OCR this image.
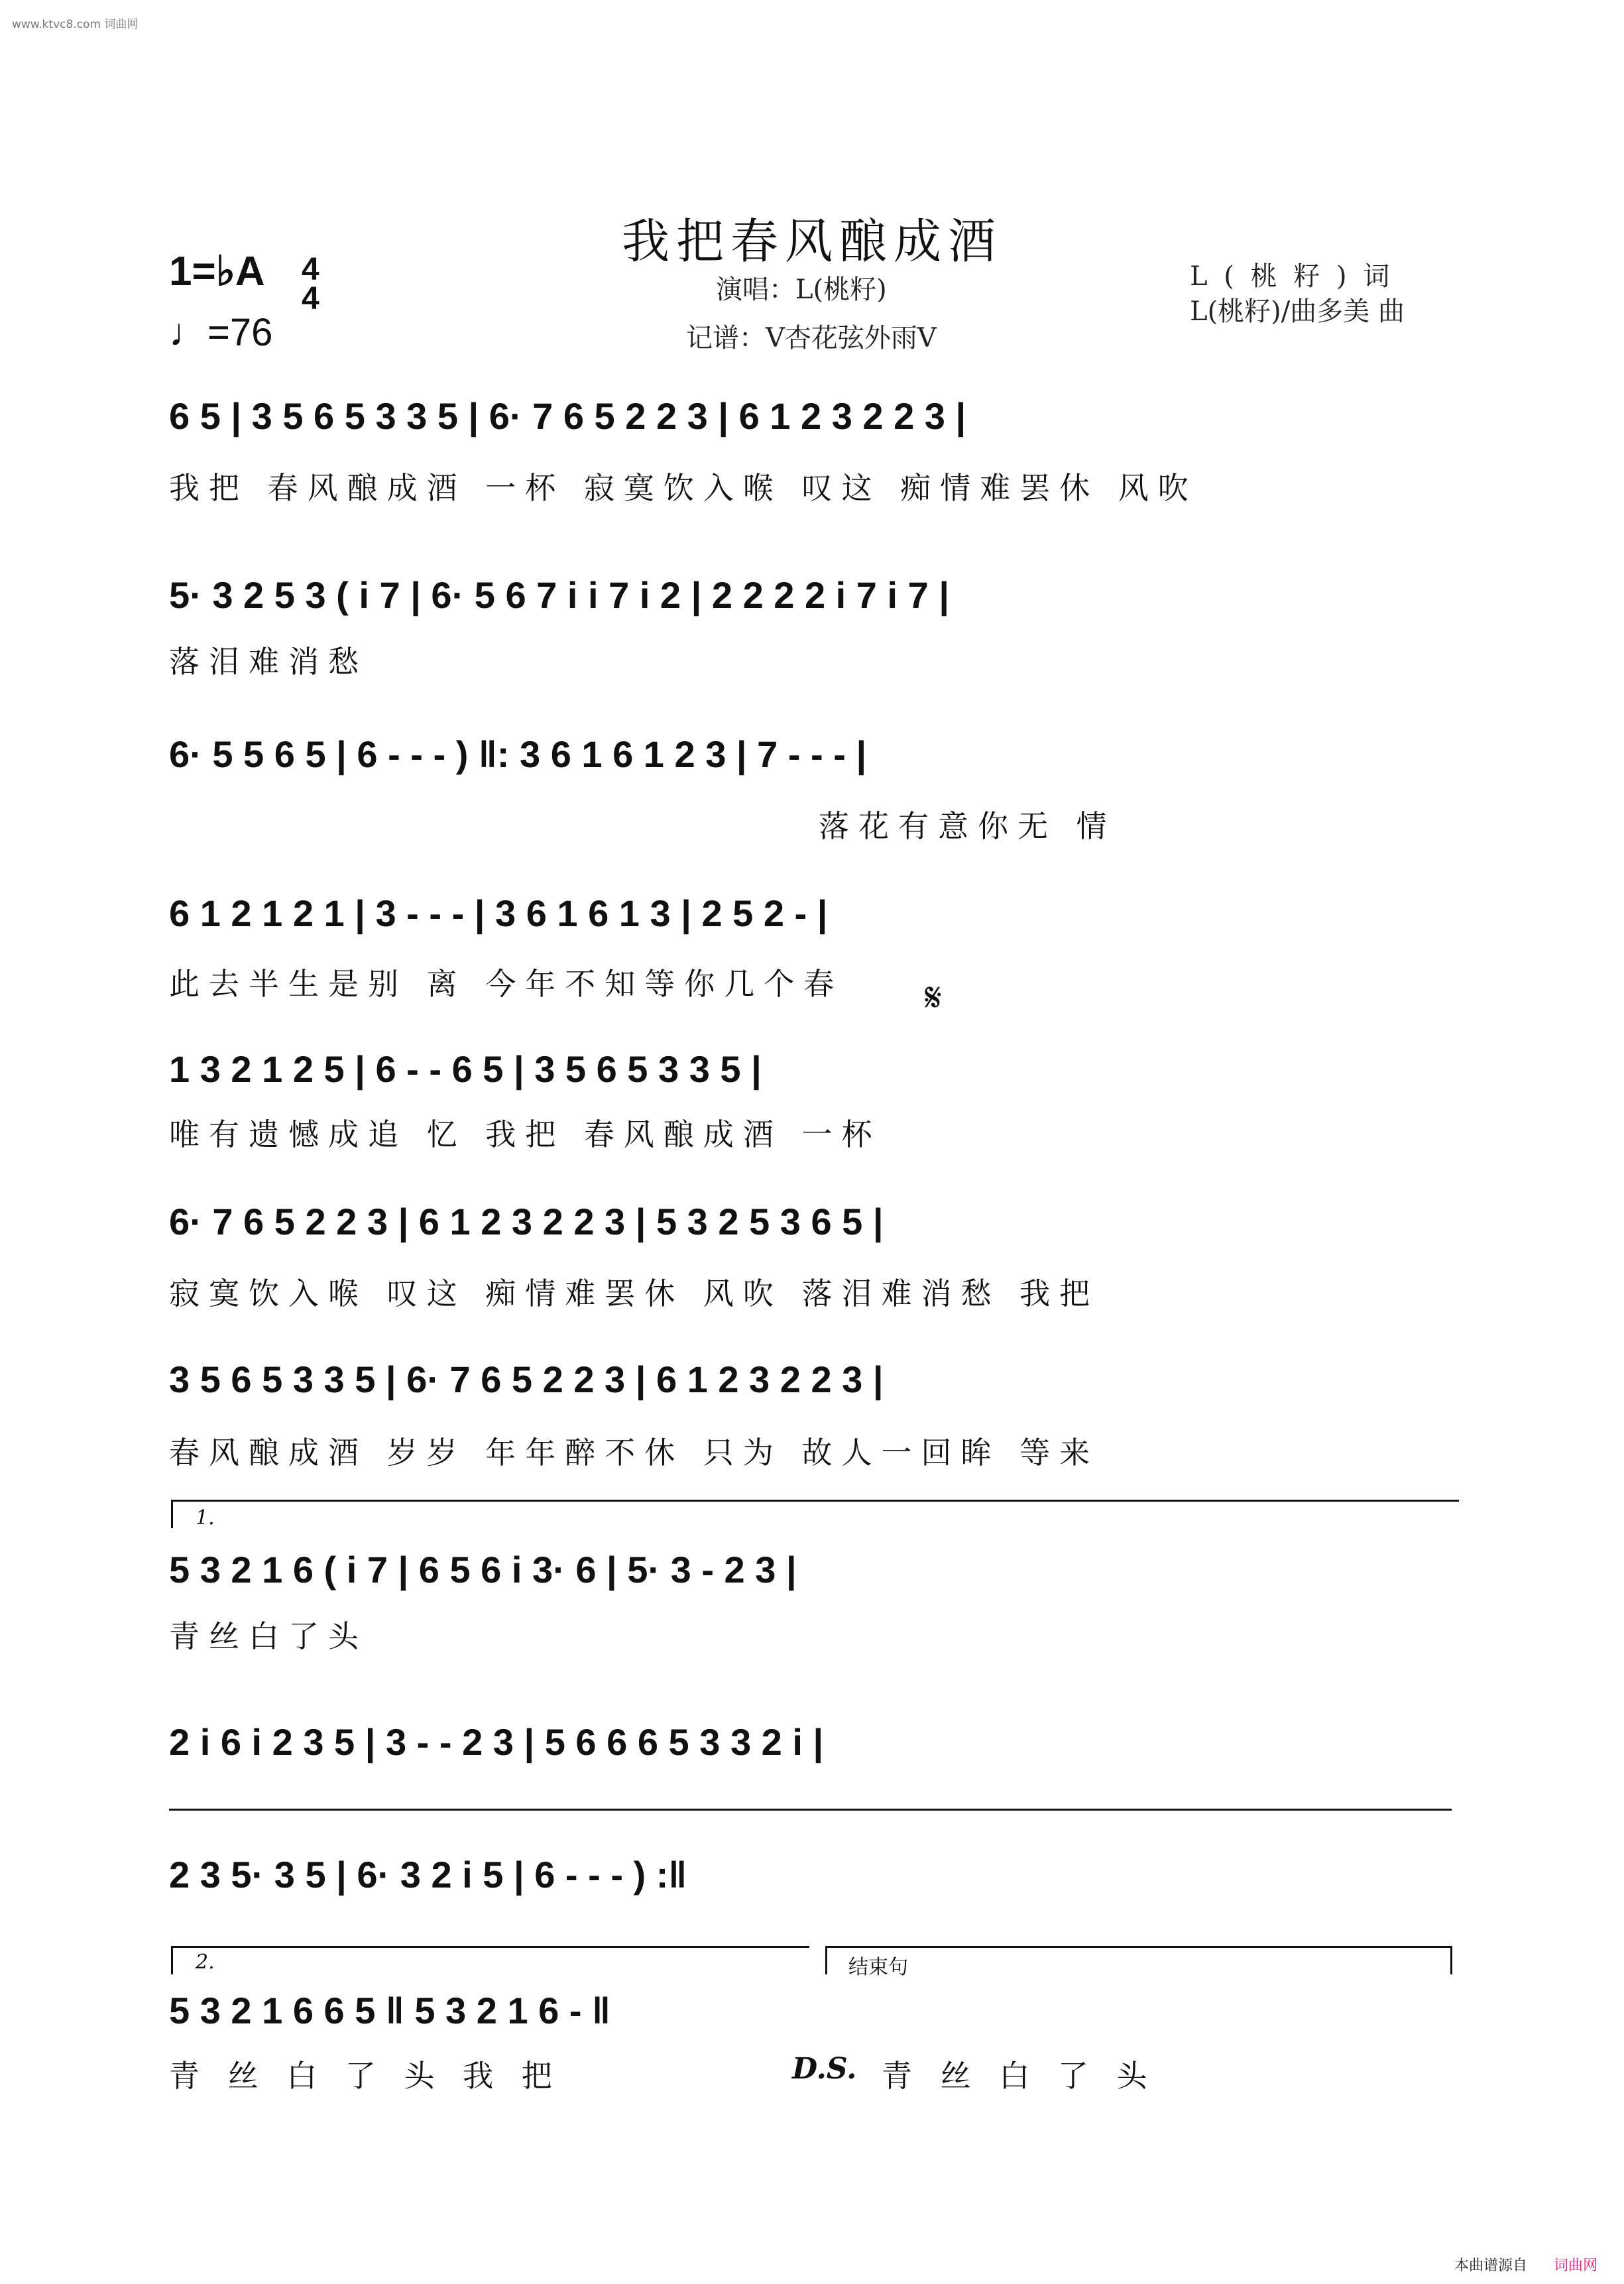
www.ktvc8.com 词曲网
我把春风酿成酒
1=♭A 4
4
♩=76
演唱：L(桃籽)
记谱：V杏花弦外雨V
L ( 桃 籽 ) 词
L(桃籽)/曲多美 曲
6 5 | 3 5 6 5 3 3 5 | 6· 7 6 5 2 2 3 | 6 1 2 3 2 2 3 |
我把 春风酿成酒 一杯 寂寞饮入喉 叹这 痴情难罢休 风吹
5· 3 2 5 3 ( i 7 | 6· 5 6 7 i i 7 i 2 | 2 2 2 2 i 7 i 7 |
落泪难消愁
6· 5 5 6 5 | 6 - - - ) ‖: 3 6 1 6 1 2 3 | 7 - - - |
落花有意你无 情
6 1 2 1 2 1 | 3 - - - | 3 6 1 6 1 3 | 2 5 2 - |
此去半生是别 离 今年不知等你几个春 𝄋
1 3 2 1 2 5 | 6 - - 6 5 | 3 5 6 5 3 3 5 |
唯有遗憾成追 忆 我把 春风酿成酒 一杯
6· 7 6 5 2 2 3 | 6 1 2 3 2 2 3 | 5 3 2 5 3 6 5 |
寂寞饮入喉 叹这 痴情难罢休 风吹 落泪难消愁 我把
3 5 6 5 3 3 5 | 6· 7 6 5 2 2 3 | 6 1 2 3 2 2 3 |
春风酿成酒 岁岁 年年醉不休 只为 故人一回眸 等来
1.
5 3 2 1 6 ( i 7 | 6 5 6 i 3· 6 | 5· 3 - 2 3 |
青丝白了头
2 i 6 i 2 3 5 | 3 - - 2 3 | 5 6 6 6 5 3 3 2 i |
2 3 5· 3 5 | 6· 3 2 i 5 | 6 - - - ) :‖
2.	结束句
5 3 2 1 6 6 5 ‖ 5 3 2 1 6 - ‖
青 丝 白 了 头 我 把	D.S. 青 丝 白 了 头
本曲谱源自 词曲网
